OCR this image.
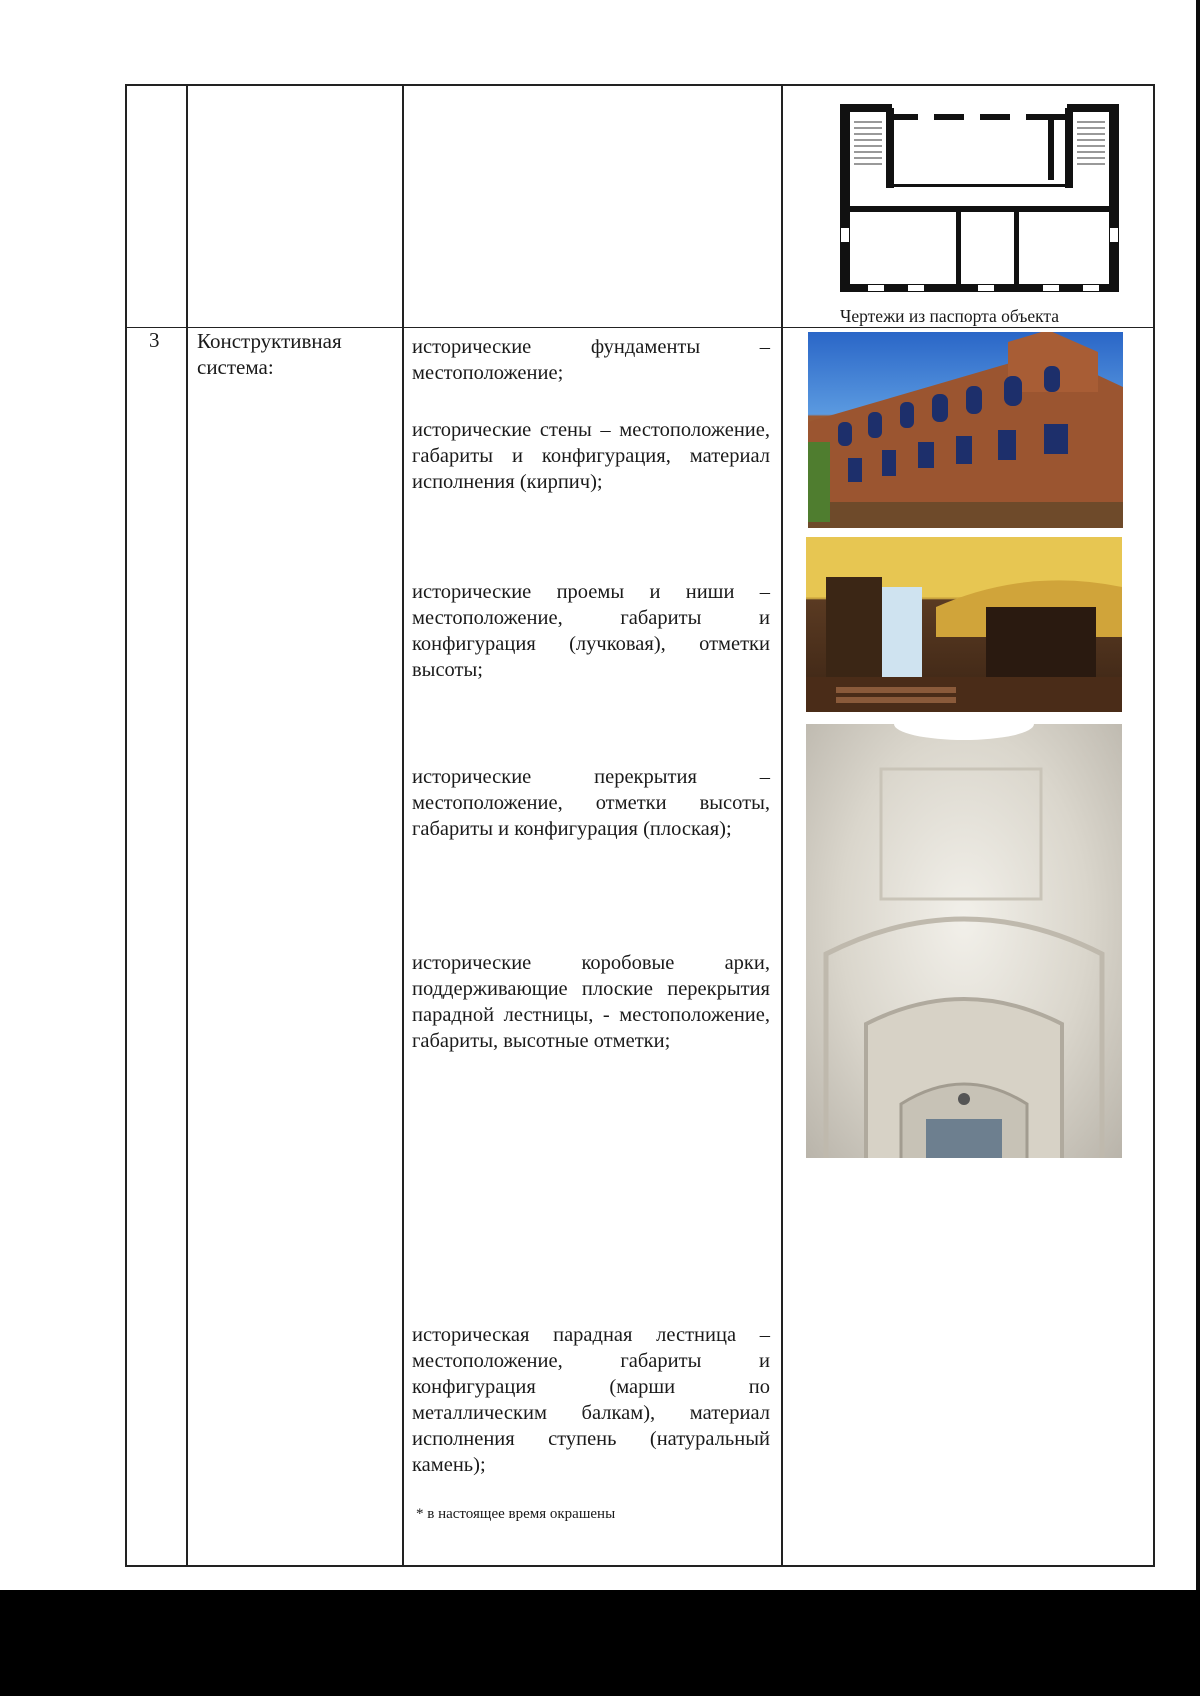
3 Конструктивная система:
исторические фундаменты – местоположение;
исторические стены – местоположение, габариты и конфигурация, материал исполнения (кирпич);
исторические проемы и ниши – местоположение, габариты и конфигурация (лучковая), отметки высоты;
исторические перекрытия – местоположение, отметки высоты, габариты и конфигурация (плоская);
исторические коробовые арки, поддерживающие плоские перекрытия парадной лестницы, - местоположение, габариты, высотные отметки;
историческая парадная лестница – местоположение, габариты и конфигурация (марши по металлическим балкам), материал исполнения ступень (натуральный камень);
* в настоящее время окрашены
Чертежи из паспорта объекта
